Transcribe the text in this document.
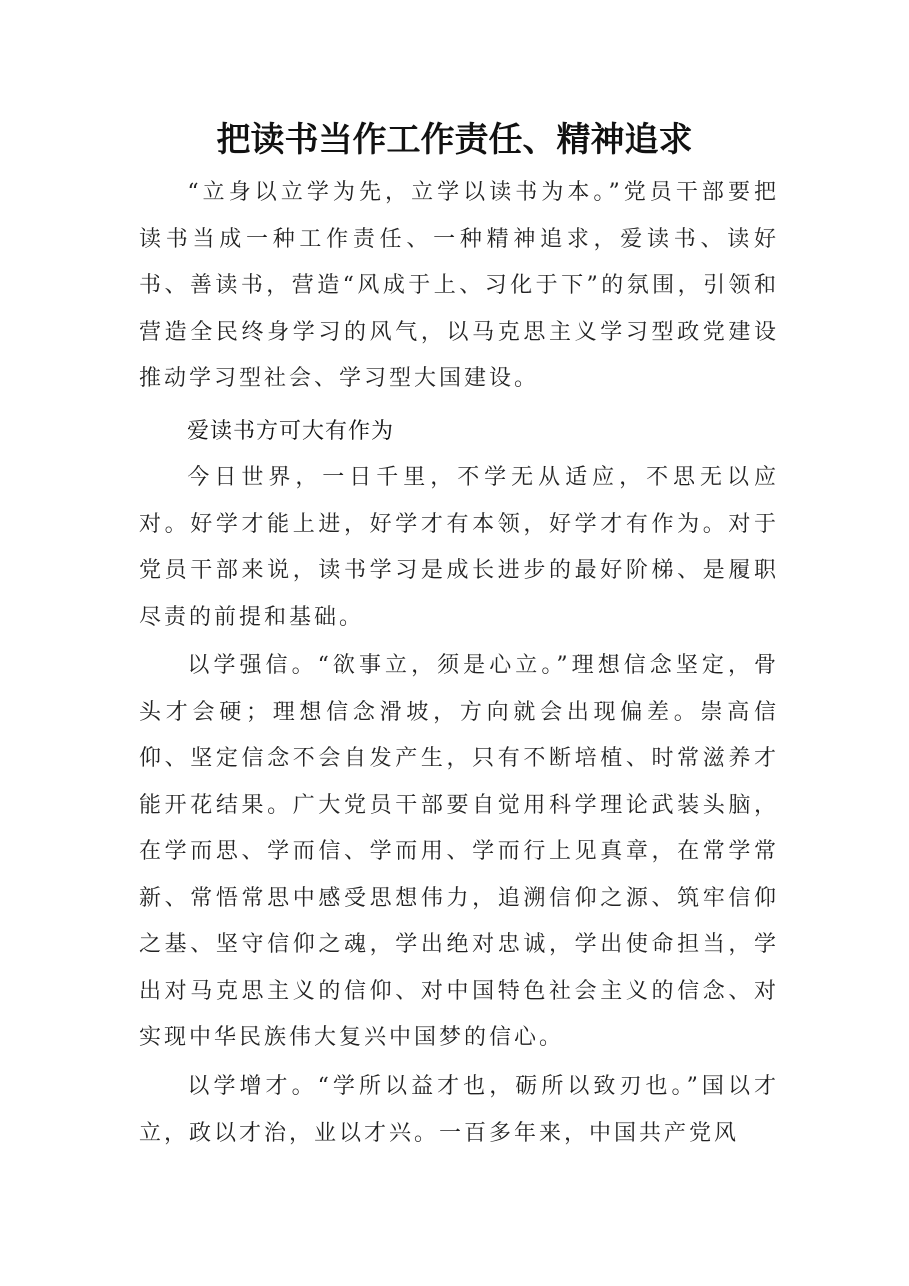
把读书当作工作责任、精神追求

“立身以立学为先，立学以读书为本。”党员干部要把读书当成一种工作责任、一种精神追求，爱读书、读好书、善读书，营造“风成于上、习化于下”的氛围，引领和营造全民终身学习的风气，以马克思主义学习型政党建设推动学习型社会、学习型大国建设。

爱读书方可大有作为

今日世界，一日千里，不学无从适应，不思无以应对。好学才能上进，好学才有本领，好学才有作为。对于党员干部来说，读书学习是成长进步的最好阶梯、是履职尽责的前提和基础。

以学强信。“欲事立，须是心立。”理想信念坚定，骨头才会硬；理想信念滑坡，方向就会出现偏差。崇高信仰、坚定信念不会自发产生，只有不断培植、时常滋养才能开花结果。广大党员干部要自觉用科学理论武装头脑，在学而思、学而信、学而用、学而行上见真章，在常学常新、常悟常思中感受思想伟力，追溯信仰之源、筑牢信仰之基、坚守信仰之魂，学出绝对忠诚，学出使命担当，学出对马克思主义的信仰、对中国特色社会主义的信念、对实现中华民族伟大复兴中国梦的信心。

以学增才。“学所以益才也，砺所以致刃也。”国以才立，政以才治，业以才兴。一百多年来，中国共产党风
